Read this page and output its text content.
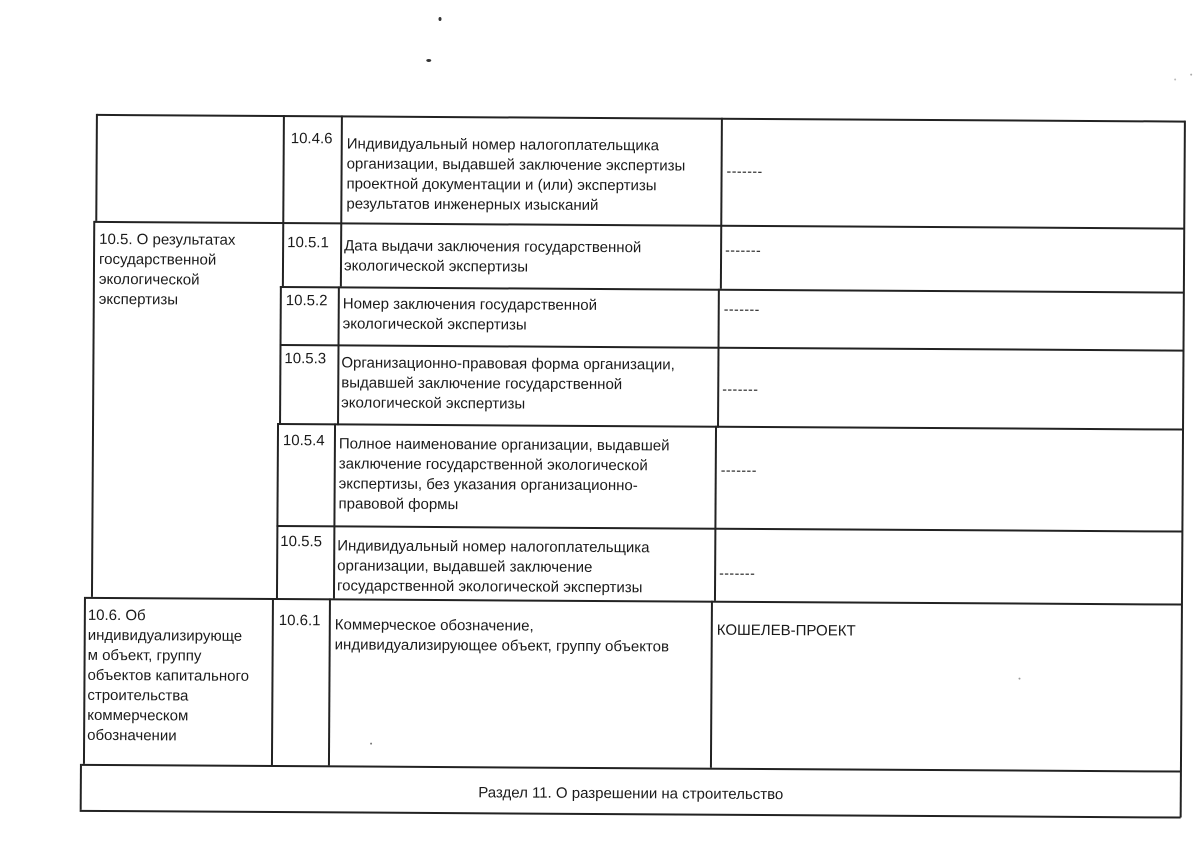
10.4.6 Индивидуальный номер налогоплательщика
организации, выдавшей заключение экспертизы
проектной документации и (или) экспертизы
результатов инженерных изысканий
-------
10.5. О результатах
государственной
экологической
экспертизы
10.5.1 Дата выдачи заключения государственной
экологической экспертизы
-------
10.5.2 Номер заключения государственной
экологической экспертизы
-------
10.5.3 Организационно-правовая форма организации,
выдавшей заключение государственной
экологической экспертизы
-------
10.5.4 Полное наименование организации, выдавшей
заключение государственной экологической
экспертизы, без указания организационно-
правовой формы
-------
10.5.5 Индивидуальный номер налогоплательщика
организации, выдавшей заключение
государственной экологической экспертизы
-------
10.6. Об
индивидуализирующе
м объект, группу
объектов капитального
строительства
коммерческом
обозначении
10.6.1 Коммерческое обозначение,
индивидуализирующее объект, группу объектов
КОШЕЛЕВ-ПРОЕКТ
Раздел 11. О разрешении на строительство
